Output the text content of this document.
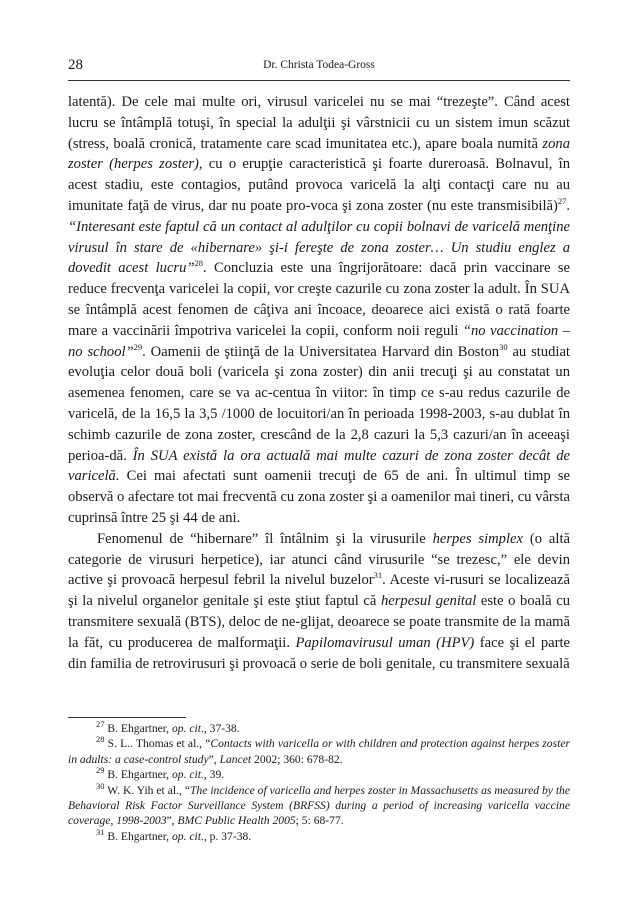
28	Dr. Christa Todea-Gross

latentă). De cele mai multe ori, virusul varicelei nu se mai “trezeşte”. Când acest lucru se întâmplă totuşi, în special la adulţii şi vârstnicii cu un sistem imun scăzut (stress, boală cronică, tratamente care scad imunitatea etc.), apare boala numită zona zoster (herpes zoster), cu o erupţie caracteristică şi foarte dureroasă. Bolnavul, în acest stadiu, este contagios, putând provoca varicelă la alţi contacţi care nu au imunitate faţă de virus, dar nu poate pro-voca şi zona zoster (nu este transmisibilă)$^{27}$. “Interesant este faptul că un contact al adulţilor cu copii bolnavi de varicelă menţine virusul în stare de «hibernare» şi-i fereşte de zona zoster… Un studiu englez a dovedit acest lucru”$^{28}$. Concluzia este una îngrijorătoare: dacă prin vaccinare se reduce frecvenţa varicelei la copii, vor creşte cazurile cu zona zoster la adult. În SUA se întâmplă acest fenomen de câţiva ani încoace, deoarece aici există o rată foarte mare a vaccinării împotriva varicelei la copii, conform noii reguli “no vaccination – no school”$^{29}$. Oamenii de ştiinţă de la Universitatea Harvard din Boston$^{30}$ au studiat evoluţia celor două boli (varicela şi zona zoster) din anii trecuţi şi au constatat un asemenea fenomen, care se va ac-centua în viitor: în timp ce s-au redus cazurile de varicelă, de la 16,5 la 3,5 /1000 de locuitori/an în perioada 1998-2003, s-au dublat în schimb cazurile de zona zoster, crescând de la 2,8 cazuri la 5,3 cazuri/an în aceeaşi perioa-dă. În SUA există la ora actuală mai multe cazuri de zona zoster decât de varicelă. Cei mai afectati sunt oamenii trecuţi de 65 de ani. În ultimul timp se observă o afectare tot mai frecventă cu zona zoster şi a oamenilor mai tineri, cu vârsta cuprinsă între 25 şi 44 de ani.

Fenomenul de “hibernare” îl întâlnim şi la virusurile herpes simplex (o altă categorie de virusuri herpetice), iar atunci când virusurile “se trezesc,” ele devin active şi provoacă herpesul febril la nivelul buzelor$^{31}$. Aceste vi-rusuri se localizează şi la nivelul organelor genitale şi este ştiut faptul că herpesul genital este o boală cu transmitere sexuală (BTS), deloc de ne-glijat, deoarece se poate transmite de la mamă la făt, cu producerea de malformaţii. Papilomavirusul uman (HPV) face şi el parte din familia de retrovirusuri şi provoacă o serie de boli genitale, cu transmitere sexuală

$^{27}$ B. Ehgartner, op. cit., 37-38.

$^{28}$ S. L.. Thomas et al., “Contacts with varicella or with children and protection against herpes zoster in adults: a case-control study”, Lancet 2002; 360: 678-82.

$^{29}$ B. Ehgartner, op. cit., 39.

$^{30}$ W. K. Yih et al., “The incidence of varicella and herpes zoster in Massachusetts as measured by the Behavioral Risk Factor Surveillance System (BRFSS) during a period of increasing varicella vaccine coverage, 1998-2003”, BMC Public Health 2005; 5: 68-77.

$^{31}$ B. Ehgartner, op. cit., p. 37-38.
